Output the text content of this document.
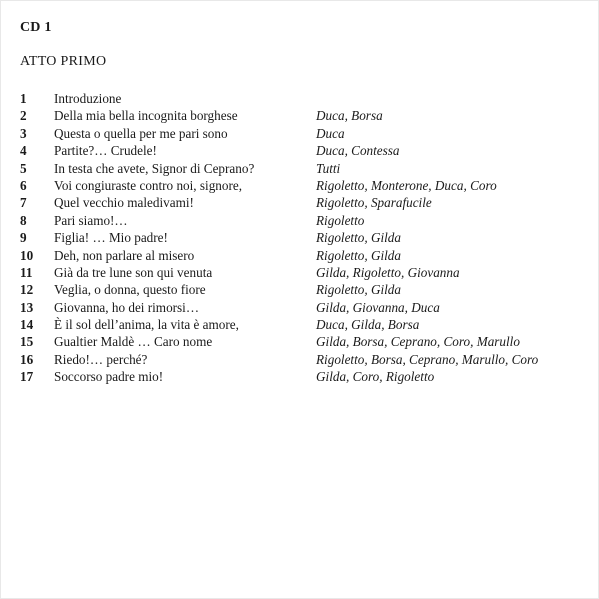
CD 1
ATTO PRIMO
1 Introduzione
2 Della mia bella incognita borghese	Duca, Borsa
3 Questa o quella per me pari sono	Duca
4 Partite?… Crudele!	Duca, Contessa
5 In testa che avete, Signor di Ceprano?	Tutti
6 Voi congiuraste contro noi, signore,	Rigoletto, Monterone, Duca, Coro
7 Quel vecchio maledivami!	Rigoletto, Sparafucile
8 Pari siamo!…	Rigoletto
9 Figlia! … Mio padre!	Rigoletto, Gilda
10 Deh, non parlare al misero	Rigoletto, Gilda
11 Già da tre lune son qui venuta	Gilda, Rigoletto, Giovanna
12 Veglia, o donna, questo fiore	Rigoletto, Gilda
13 Giovanna, ho dei rimorsi…	Gilda, Giovanna, Duca
14 È il sol dell’anima, la vita è amore,	Duca, Gilda, Borsa
15 Gualtier Maldè … Caro nome	Gilda, Borsa, Ceprano, Coro, Marullo
16 Riedo!… perché?	Rigoletto, Borsa, Ceprano, Marullo, Coro
17 Soccorso padre mio!	Gilda, Coro, Rigoletto
